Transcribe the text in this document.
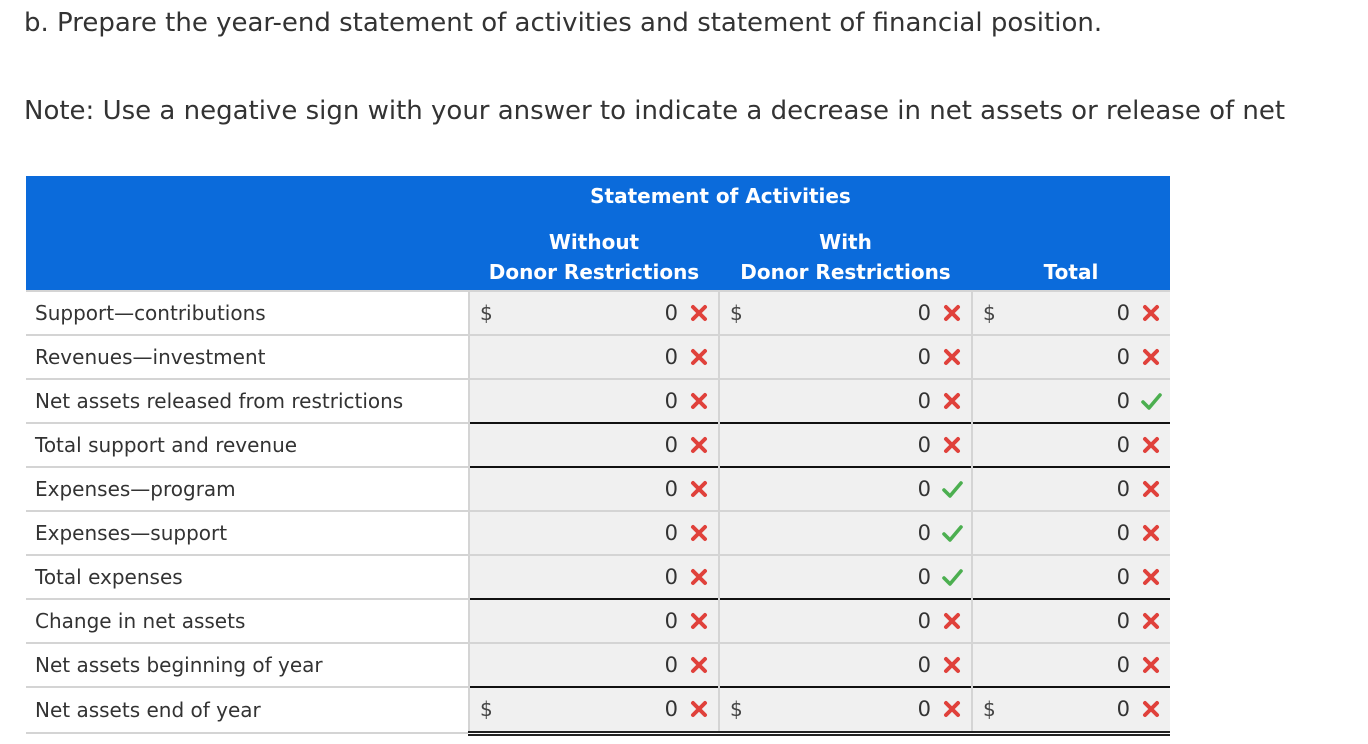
b. Prepare the year-end statement of activities and statement of financial position.
Note: Use a negative sign with your answer to indicate a decrease in net assets or release of net
	Statement of Activities		
	Without	With	
	Donor Restrictions	Donor Restrictions	Total
Support—contributions	$ 0	$ 0	$ 0

Revenues—investment	0	0	0

Net assets released from restrictions	0	0	0

Total support and revenue	0	0	0

Expenses—program	0	0	0

Expenses—support	0	0	0

Total expenses	0	0	0

Change in net assets	0	0	0

Net assets beginning of year	0	0	0

Net assets end of year	$ 0	$ 0	$ 0
